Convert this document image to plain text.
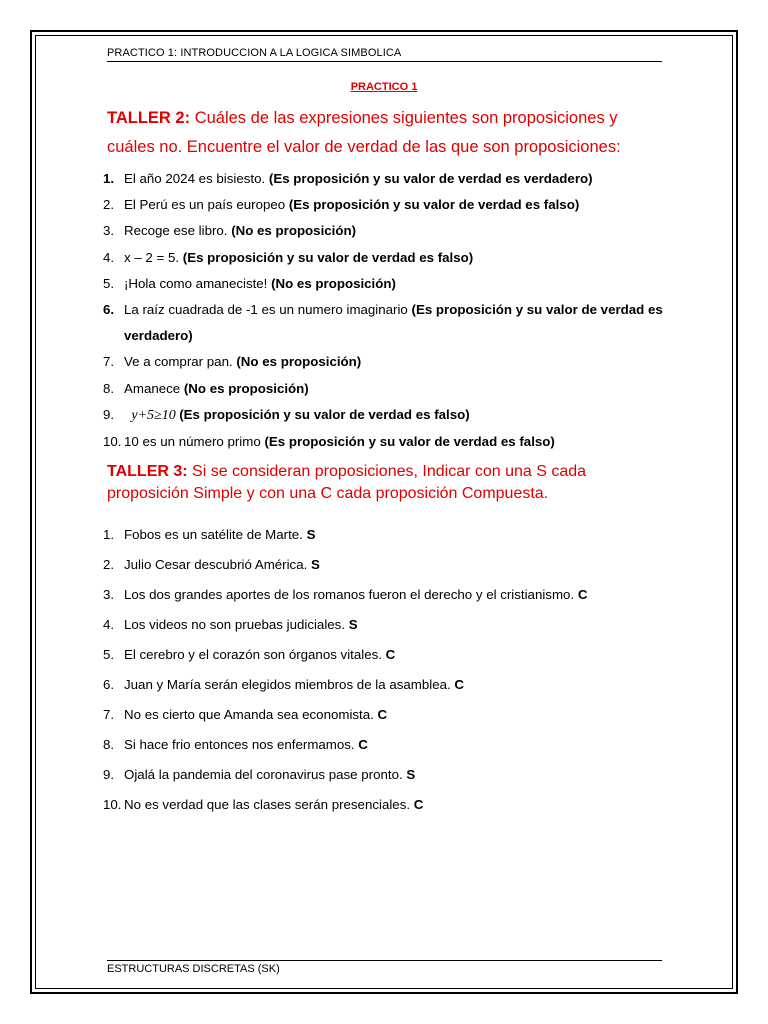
PRACTICO 1: INTRODUCCION A LA LOGICA SIMBOLICA
PRACTICO 1
TALLER 2: Cuáles de las expresiones siguientes son proposiciones y cuáles no. Encuentre el valor de verdad de las que son proposiciones:
1. El año 2024 es bisiesto. (Es proposición y su valor de verdad es verdadero)
2. El Perú es un país europeo (Es proposición y su valor de verdad es falso)
3. Recoge ese libro. (No es proposición)
4. x – 2 = 5. (Es proposición y su valor de verdad es falso)
5. ¡Hola como amaneciste! (No es proposición)
6. La raíz cuadrada de -1 es un numero imaginario (Es proposición y su valor de verdad es verdadero)
7. Ve a comprar pan. (No es proposición)
8. Amanece (No es proposición)
9. y+5≥10 (Es proposición y su valor de verdad es falso)
10. 10 es un número primo (Es proposición y su valor de verdad es falso)
TALLER 3: Si se consideran proposiciones, Indicar con una S cada proposición Simple y con una C cada proposición Compuesta.
1. Fobos es un satélite de Marte. S
2. Julio Cesar descubrió América. S
3. Los dos grandes aportes de los romanos fueron el derecho y el cristianismo. C
4. Los videos no son pruebas judiciales. S
5. El cerebro y el corazón son órganos vitales. C
6. Juan y María serán elegidos miembros de la asamblea. C
7. No es cierto que Amanda sea economista. C
8. Si hace frio entonces nos enfermamos. C
9. Ojalá la pandemia del coronavirus pase pronto. S
10. No es verdad que las clases serán presenciales. C
ESTRUCTURAS DISCRETAS (SK)
